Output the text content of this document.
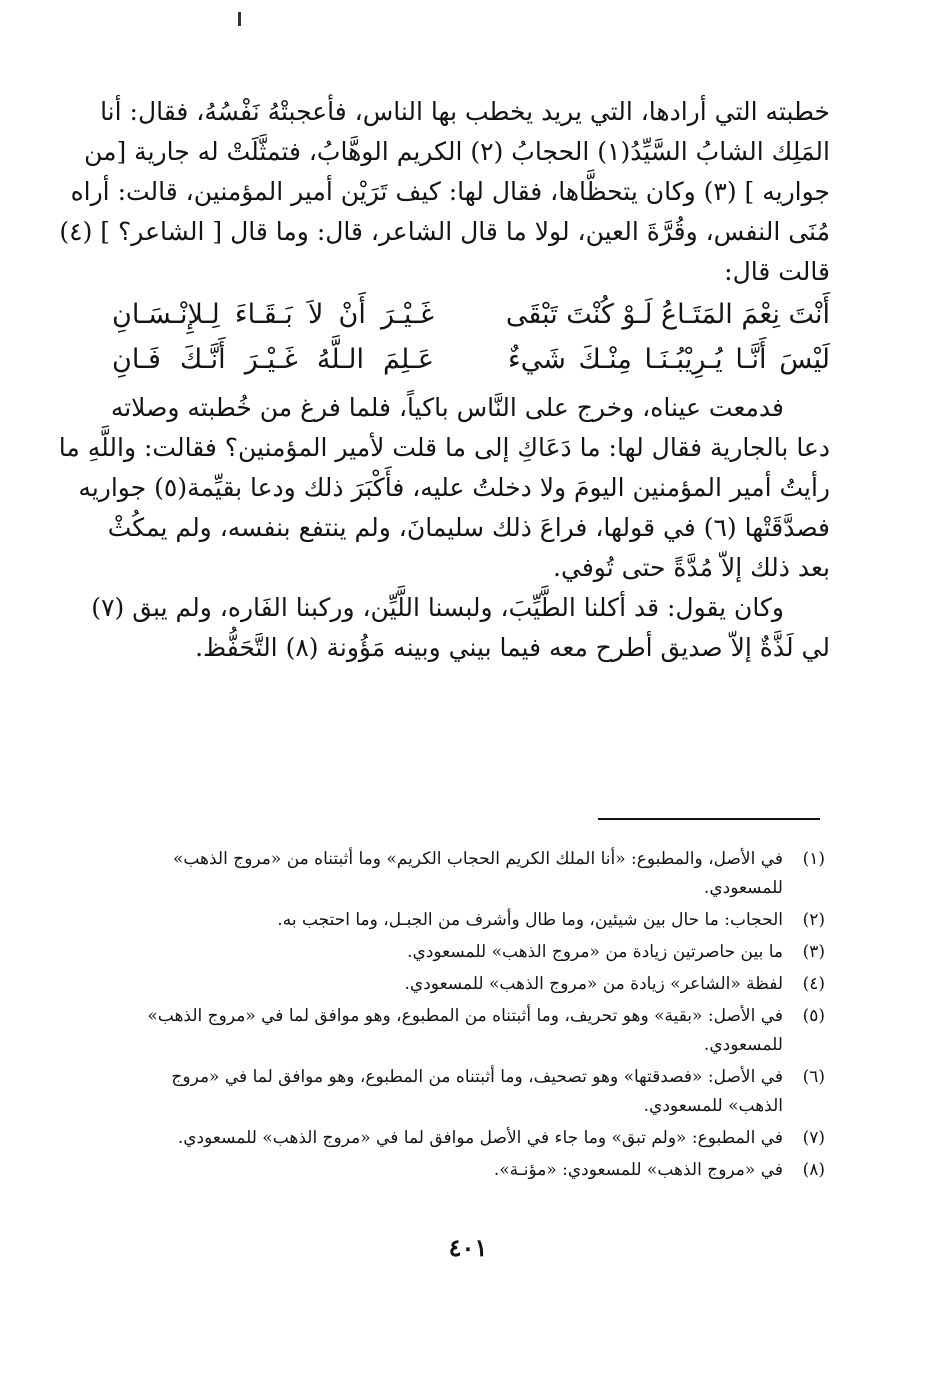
خطبته التي أرادها، التي يريد يخطب بها الناس، فأعجبتْهُ نَفْسُهُ، فقال: أنا
المَلِك الشابُ السَّيِّدُ(١) الحجابُ (٢) الكريم الوهَّابُ، فتمثَّلَتْ له جارية [من
جواريه ] (٣) وكان يتحظَّاها، فقال لها: كيف تَرَيْن أمير المؤمنين، قالت: أراه
مُنَى النفس، وقُرَّةَ العين، لولا ما قال الشاعر، قال: وما قال [ الشاعر؟ ] (٤)
قالت قال:
أَنْتَ نِعْمَ المَتَـاعُ لَـوْ كُنْتَ تَبْقَى
غَـيْـرَ أَنْ لاَ بَـقَـاءَ لِـلإِنْـسَـانِ
لَيْسَ أَنَّـا يُـرِيْبُـنَـا مِنْـكَ شَيءٌ
عَـلِمَ الـلَّهُ غَـيْـرَ أَنَّـكَ فَـانِ
فدمعت عيناه، وخرج على النَّاس باكياً، فلما فرغ من خُطبته وصلاته
دعا بالجارية فقال لها: ما دَعَاكِ إلى ما قلت لأمير المؤمنين؟ فقالت: واللَّهِ ما
رأيتُ أمير المؤمنين اليومَ ولا دخلتُ عليه، فأَكْبَرَ ذلك ودعا بقيِّمة(٥) جواريه
فصدَّقَتْها (٦) في قولها، فراعَ ذلك سليمانَ، ولم ينتفع بنفسه، ولم يمكُثْ
بعد ذلك إلاّ مُدَّةً حتى تُوفي.
وكان يقول: قد أكلنا الطَّيِّبَ، ولبسنا اللَّيِّن، وركبنا الفَاره، ولم يبق (٧)
لي لَذَّةٌ إلاّ صديق أطرح معه فيما بيني وبينه مَؤُونة (٨) التَّحَفُّظ.
(١)
في الأصل، والمطبوع: «أنا الملك الكريم الحجاب الكريم» وما أثبتناه من «مروج الذهب» للمسعودي.
(٢)
الحجاب: ما حال بين شيئين، وما طال وأشرف من الجبـل، وما احتجب به.
(٣)
ما بين حاصرتين زيادة من «مروج الذهب» للمسعودي.
(٤)
لفظة «الشاعر» زيادة من «مروج الذهب» للمسعودي.
(٥)
في الأصل: «بقية» وهو تحريف، وما أثبتناه من المطبوع، وهو موافق لما في «مروج الذهب» للمسعودي.
(٦)
في الأصل: «فصدقتها» وهو تصحيف، وما أثبتناه من المطبوع، وهو موافق لما في «مروج الذهب» للمسعودي.
(٧)
في المطبوع: «ولم تبق» وما جاء في الأصل موافق لما في «مروج الذهب» للمسعودي.
(٨)
في «مروج الذهب» للمسعودي: «مؤنـة».
٤٠١
